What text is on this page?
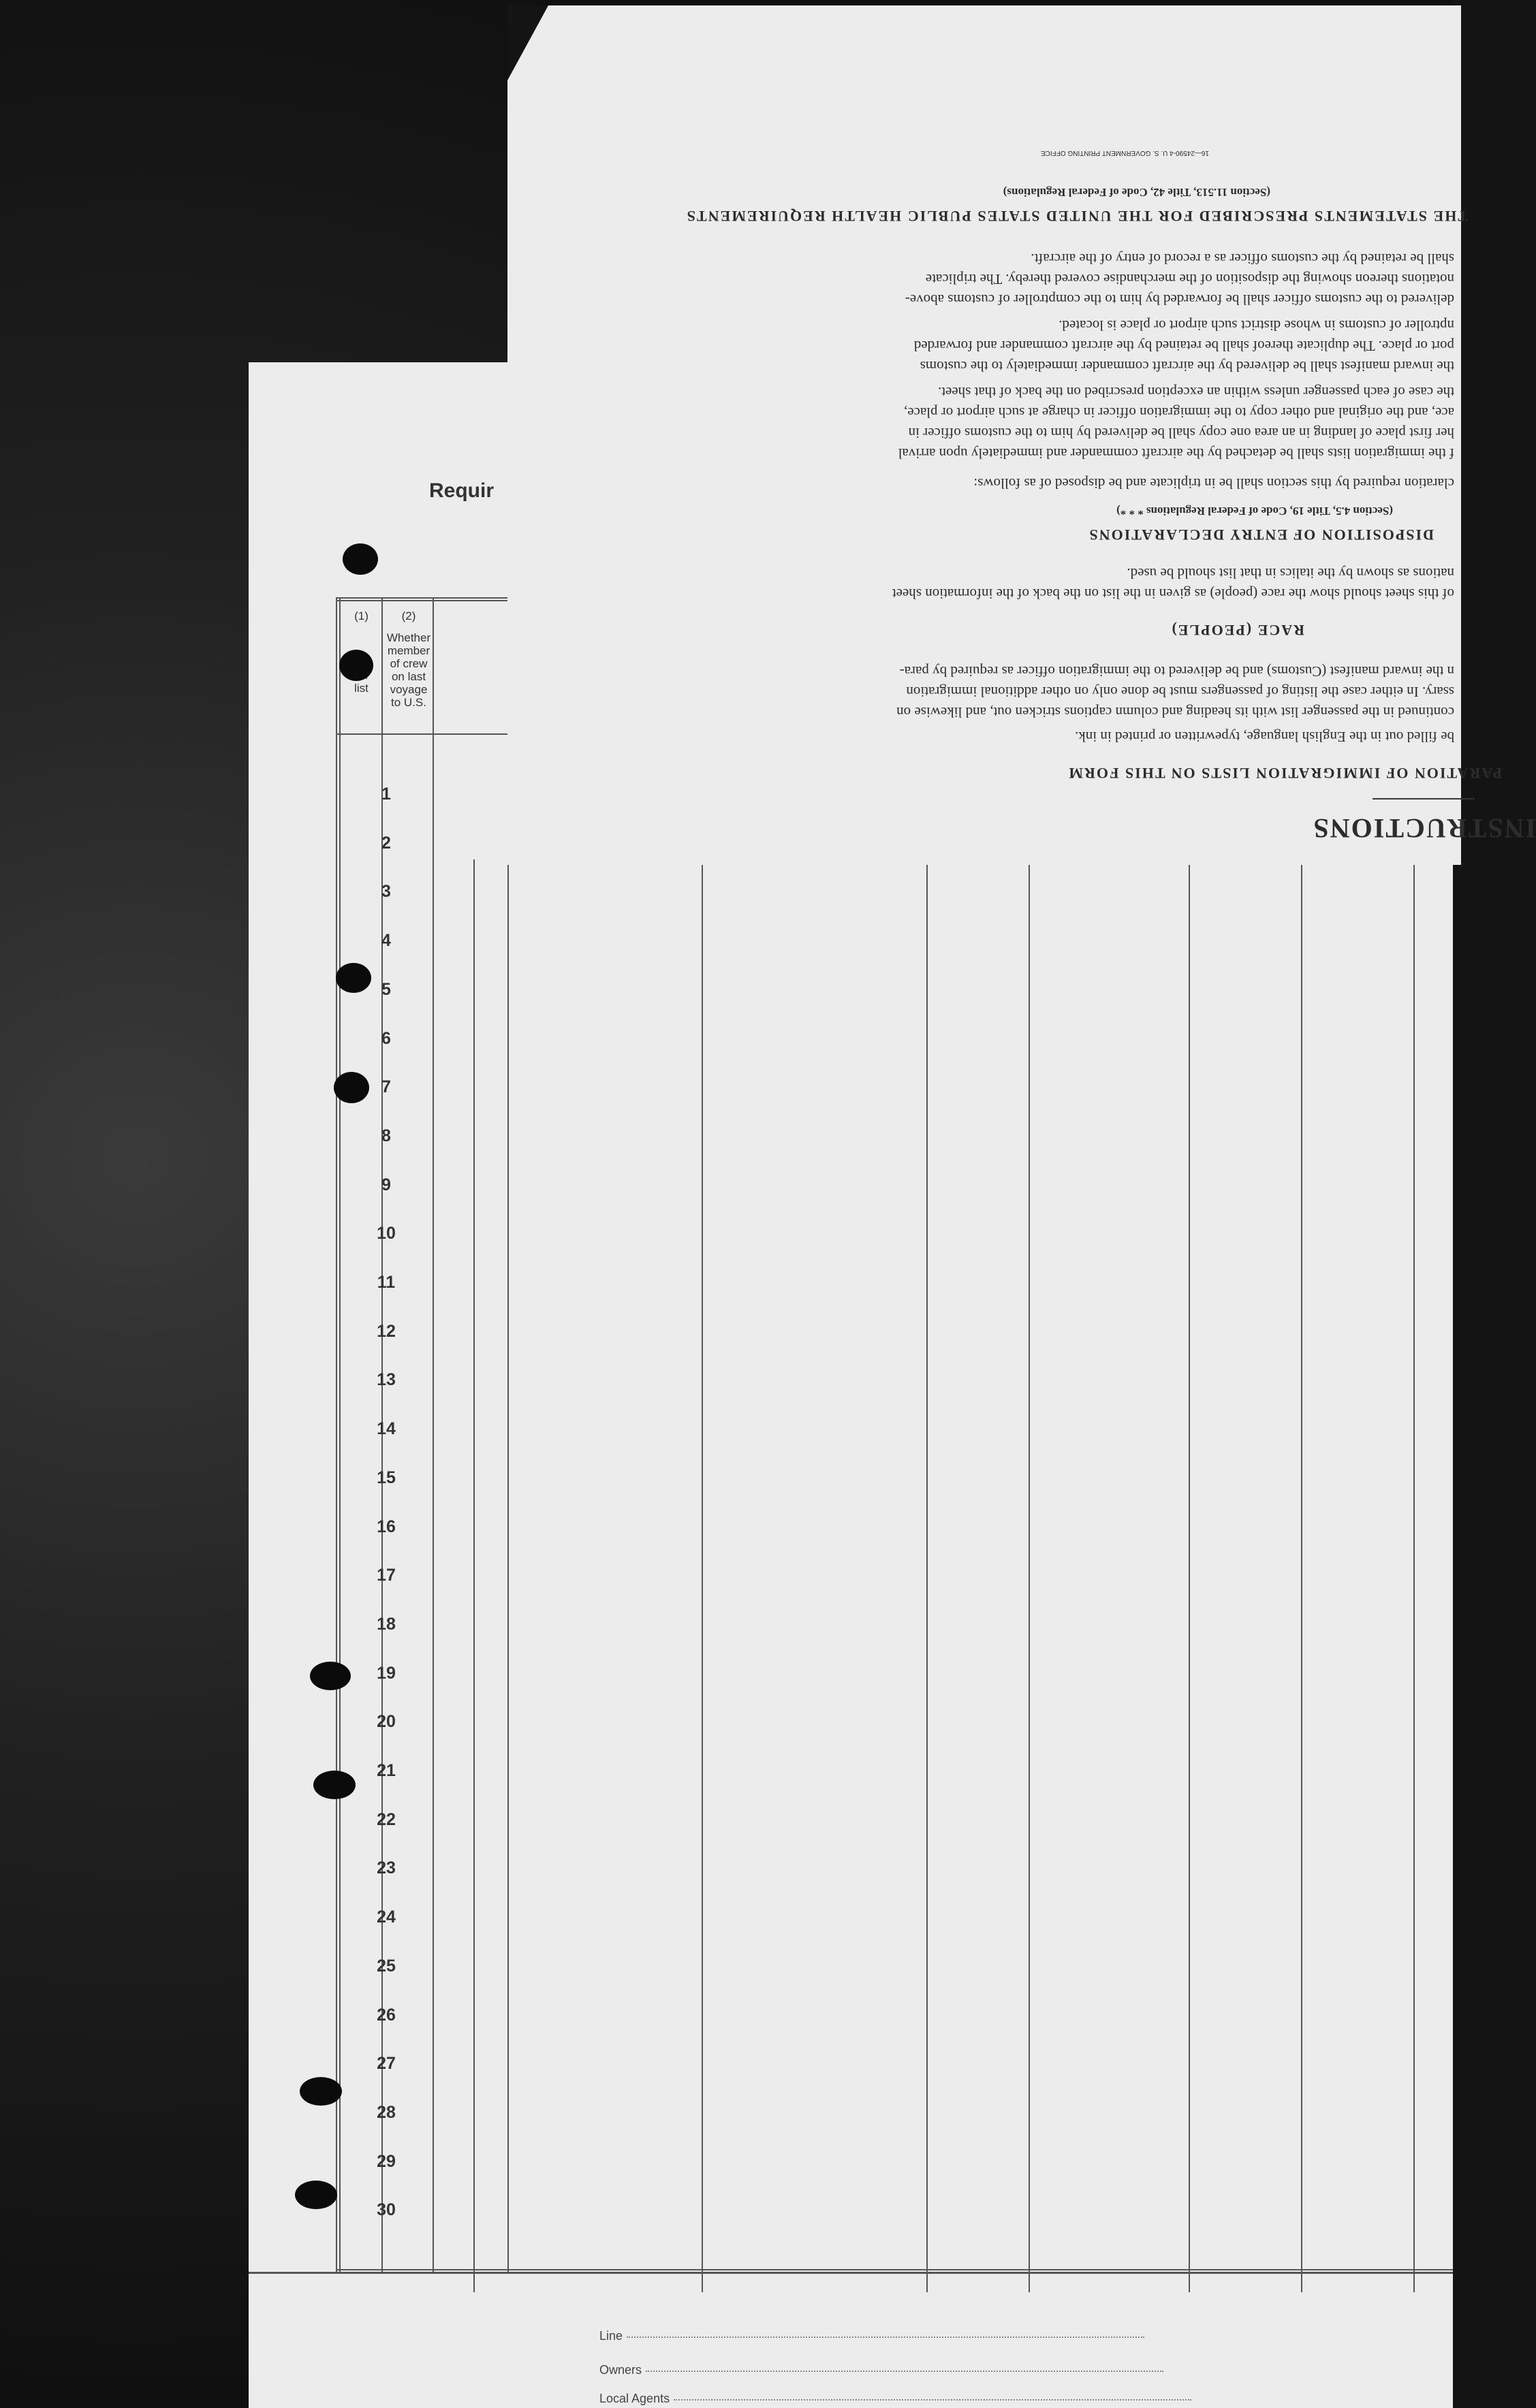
Requir
(1)
list
(2)
Whether
member
of crew
on last
voyage
to U.S.
1
2
3
4
5
6
7
8
9
10
11
12
13
14
15
16
17
18
19
20
21
22
23
24
25
26
27
28
29
30
Line
Owners
Local Agents
INSTRUCTIONS
PARATION OF IMMIGRATION LISTS ON THIS FORM
be filled out in the English language, typewritten or printed in ink.
continued in the passenger list with its heading and column captions stricken out, and likewise on
ssary. In either case the listing of passengers must be done only on other additional immigration
n the inward manifest (Customs) and be delivered to the immigration officer as required by para-
RACE (PEOPLE)
of this sheet should show the race (people) as given in the list on the back of the information sheet
nations as shown by the italics in that list should be used.
DISPOSITION OF ENTRY DECLARATIONS
(Section 4.5, Title 19, Code of Federal Regulations * * *)
claration required by this section shall be in triplicate and be disposed of as follows:
f the immigration lists shall be detached by the aircraft commander and immediately upon arrival
her first place of landing in an area one copy shall be delivered by him to the customs officer in
ace, and the original and other copy to the immigration officer in charge at such airport or place,
the case of each passenger unless within an exception prescribed on the back of that sheet.
the inward manifest shall be delivered by the aircraft commander immediately to the customs
port or place. The duplicate thereof shall be retained by the aircraft commander and forwarded
nptroller of customs in whose district such airport or place is located.
delivered to the customs officer shall be forwarded by him to the comptroller of customs above-
notations thereon showing the disposition of the merchandise covered thereby. The triplicate
shall be retained by the customs officer as a record of entry of the aircraft.
THE STATEMENTS PRESCRIBED FOR THE UNITED STATES PUBLIC HEALTH REQUIREMENTS
(Section 11.513, Title 42, Code of Federal Regulations)
16—24590-4 U. S. GOVERNMENT PRINTING OFFICE
